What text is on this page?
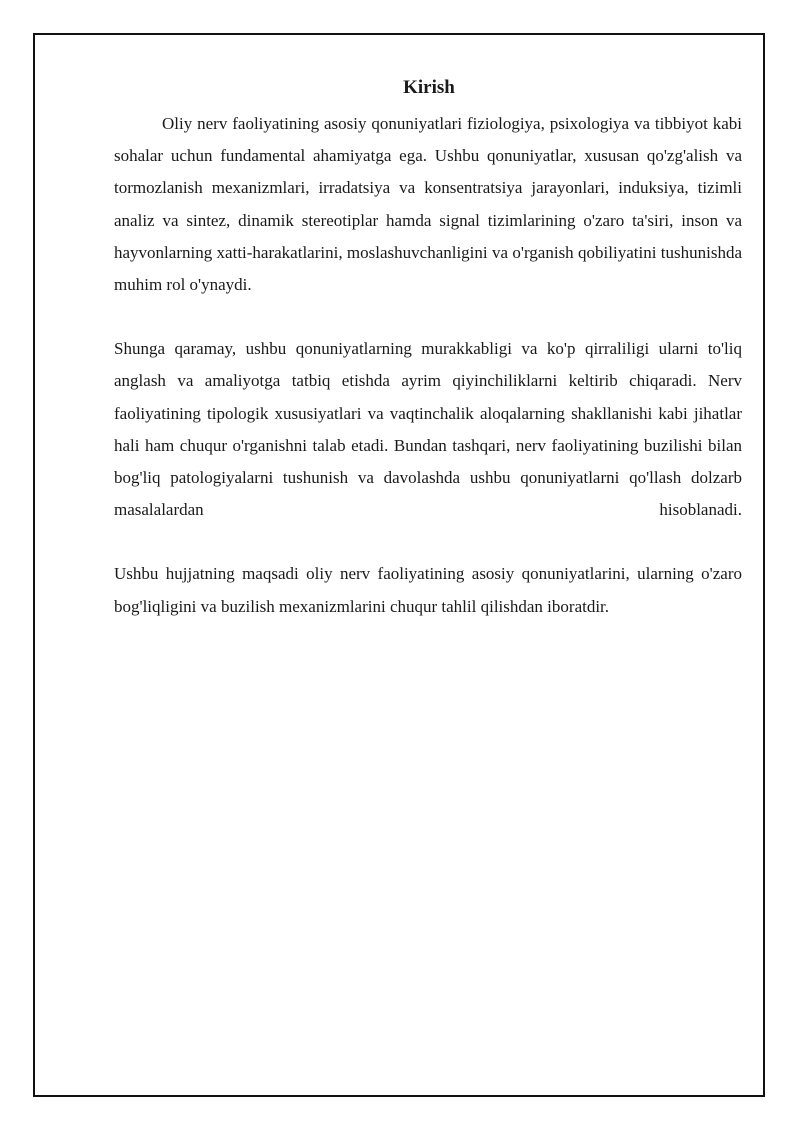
Kirish

Oliy nerv faoliyatining asosiy qonuniyatlari fiziologiya, psixologiya va tibbiyot kabi sohalar uchun fundamental ahamiyatga ega. Ushbu qonuniyatlar, xususan qo'zg'alish va tormozlanish mexanizmlari, irradatsiya va konsentratsiya jarayonlari, induksiya, tizimli analiz va sintez, dinamik stereotiplar hamda signal tizimlarining o'zaro ta'siri, inson va hayvonlarning xatti-harakatlarini, moslashuvchanligini va o'rganish qobiliyatini tushunishda muhim rol o'ynaydi.

Shunga qaramay, ushbu qonuniyatlarning murakkabligi va ko'p qirraliligi ularni to'liq anglash va amaliyotga tatbiq etishda ayrim qiyinchiliklarni keltirib chiqaradi. Nerv faoliyatining tipologik xususiyatlari va vaqtinchalik aloqalarning shakllanishi kabi jihatlar hali ham chuqur o'rganishni talab etadi. Bundan tashqari, nerv faoliyatining buzilishi bilan bog'liq patologiyalarni tushunish va davolashda ushbu qonuniyatlarni qo'llash dolzarb masalalardan hisoblanadi.

Ushbu hujjatning maqsadi oliy nerv faoliyatining asosiy qonuniyatlarini, ularning o'zaro bog'liqligini va buzilish mexanizmlarini chuqur tahlil qilishdan iboratdir.
